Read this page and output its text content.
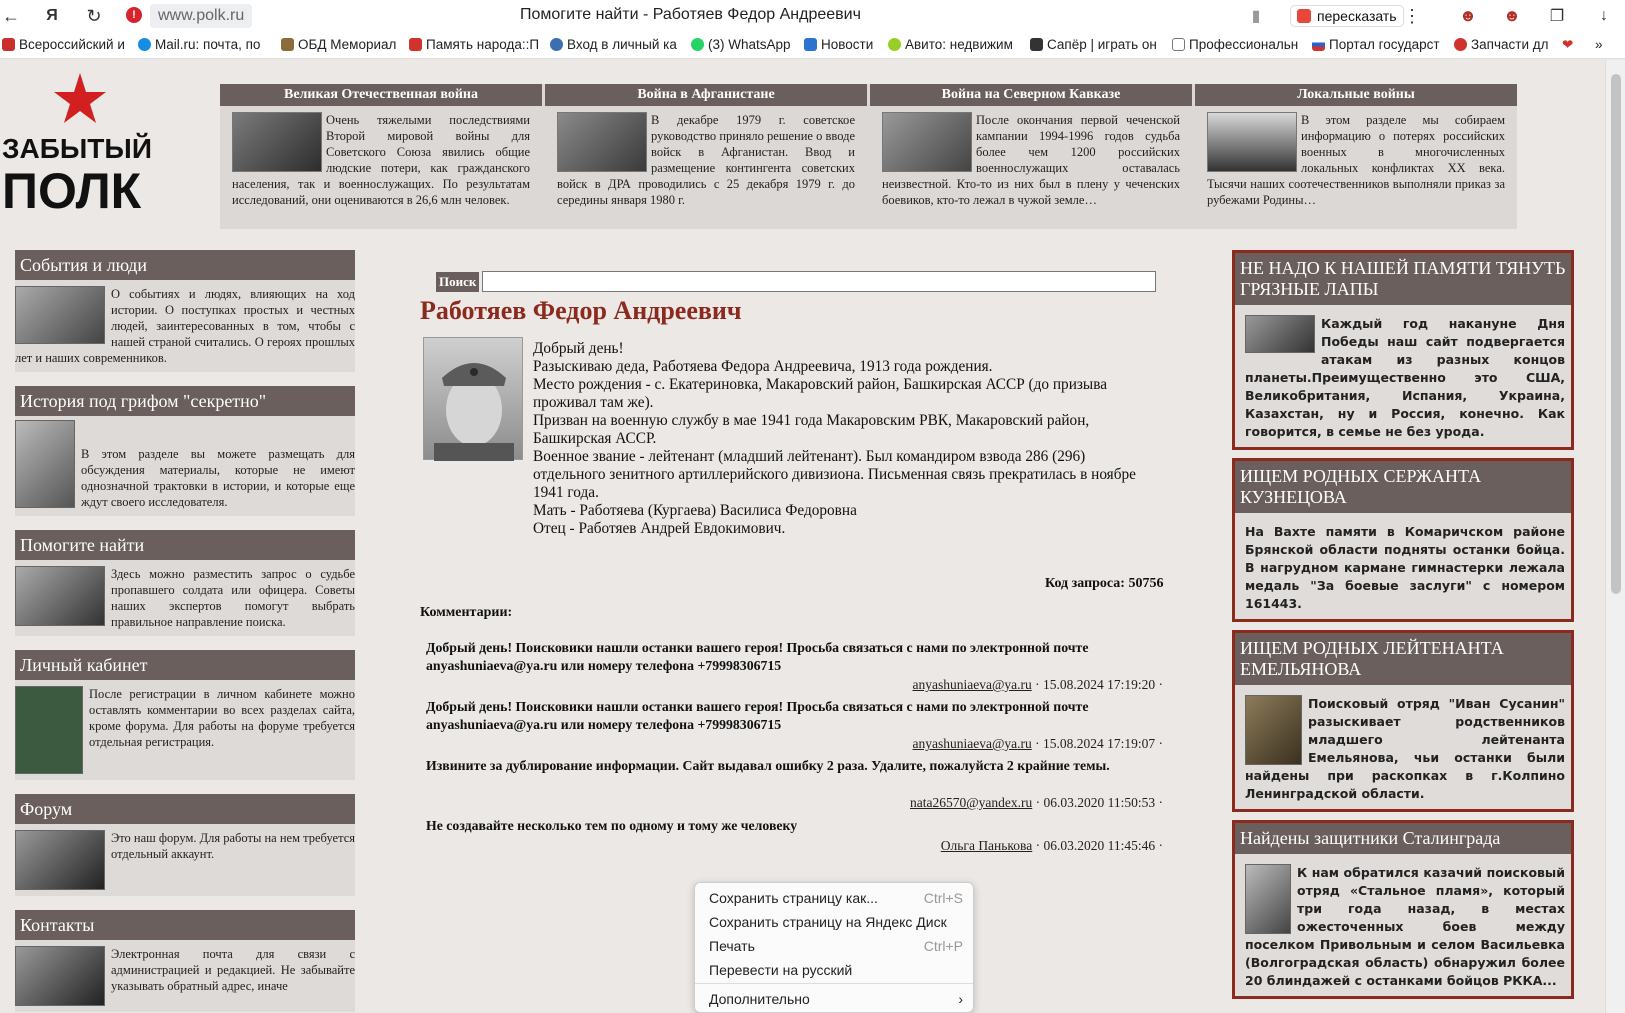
←	Я	↻	!	www.polk.ru	Помогите найти - Работяев Федор Андреевич	▮	пересказать ⋮ ☻ ☻	❐	↓
Всероссийский и Mail.ru: почта, по	ОБД Мемориал Память народа::П Вход в личный ка (3) WhatsApp Новости Авито: недвижим	Сапёр | играть он Профессиональн Портал государст Запчасти дл ❤ »
ЗАБЫТЫЙ
ПОЛК
Великая Отечественная война
Очень тяжелыми последствиями Второй мировой войны для Советского Союза явились общие людские потери, как гражданского населения, так и военнослужащих. По результатам исследований, они оцениваются в 26,6 млн человек.
Война в Афганистане
В декабре 1979 г. советское руководство приняло решение о вводе войск в Афганистан. Ввод и размещение контингента советских войск в ДРА проводились с 25 декабря 1979 г. до середины января 1980 г.
Война на Северном Кавказе
После окончания первой чеченской кампании 1994-1996 годов судьба более чем 1200 российских военнослужащих оставалась неизвестной. Кто-то из них был в плену у чеченских боевиков, кто-то лежал в чужой земле…
Локальные войны
В этом разделе мы собираем информацию о потерях российских военных в многочисленных локальных конфликтах XX века. Тысячи наших соотечественников выполняли приказ за рубежами Родины…
События и люди
О событиях и людях, влияющих на ход истории. О поступках простых и честных людей, заинтересованных в том, чтобы с нашей страной считались. О героях прошлых лет и наших современников.
История под грифом "секретно"
В этом разделе вы можете размещать для обсуждения материалы, которые не имеют однозначной трактовки в истории, и которые еще ждут своего исследователя.
Помогите найти
Здесь можно разместить запрос о судьбе пропавшего солдата или офицера. Советы наших экспертов помогут выбрать правильное направление поиска.
Личный кабинет
После регистрации в личном кабинете можно оставлять комментарии во всех разделах сайта, кроме форума. Для работы на форуме требуется отдельная регистрация.
Форум
Это наш форум. Для работы на нем требуется отдельный аккаунт.
Контакты
Электронная почта для связи с администрацией и редакцией. Не забывайте указывать обратный адрес, иначе
Поиск
Работяев Федор Андреевич
Добрый день!
Разыскиваю деда, Работяева Федора Андреевича, 1913 года рождения.
Место рождения - с. Екатериновка, Макаровский район, Башкирская АССР (до призыва проживал там же).
Призван на военную службу в мае 1941 года Макаровским РВК, Макаровский район, Башкирская АССР.
Военное звание - лейтенант (младший лейтенант). Был командиром взвода 286 (296) отдельного зенитного артиллерийского дивизиона. Письменная связь прекратилась в ноябре 1941 года.
Мать - Работяева (Кургаева) Василиса Федоровна
Отец - Работяев Андрей Евдокимович.
Код запроса: 50756
Комментарии:
Добрый день! Поисковики нашли останки вашего героя! Просьба связаться с нами по электронной почте anyashuniaeva@ya.ru или номеру телефона +79998306715
anyashuniaeva@ya.ru · 15.08.2024 17:19:20 ·
Добрый день! Поисковики нашли останки вашего героя! Просьба связаться с нами по электронной почте anyashuniaeva@ya.ru или номеру телефона +79998306715
anyashuniaeva@ya.ru · 15.08.2024 17:19:07 ·
Извините за дублирование информации. Сайт выдавал ошибку 2 раза. Удалите, пожалуйста 2 крайние темы.
nata26570@yandex.ru · 06.03.2020 11:50:53 ·
Не создавайте несколько тем по одному и тому же человеку
Ольга Панькова · 06.03.2020 11:45:46 ·
НЕ НАДО К НАШЕЙ ПАМЯТИ ТЯНУТЬ ГРЯЗНЫЕ ЛАПЫ
Каждый год накануне Дня Победы наш сайт подвергается атакам из разных концов планеты.Преимущественно это США, Великобритания, Испания, Украина, Казахстан, ну и Россия, конечно. Как говорится, в семье не без урода.
ИЩЕМ РОДНЫХ СЕРЖАНТА КУЗНЕЦОВА
На Вахте памяти в Комаричском районе Брянской области подняты останки бойца. В нагрудном кармане гимнастерки лежала медаль "За боевые заслуги" с номером 161443.
ИЩЕМ РОДНЫХ ЛЕЙТЕНАНТА ЕМЕЛЬЯНОВА
Поисковый отряд "Иван Сусанин" разыскивает родственников младшего лейтенанта Емельянова, чьи останки были найдены при раскопках в г.Колпино Ленинградской области.
Найдены защитники Сталинграда
К нам обратился казачий поисковый отряд «Стальное пламя», который три года назад, в местах ожесточенных боев между поселком Привольным и селом Васильевка (Волгоградская область) обнаружил более 20 блиндажей с останками бойцов РККА...
Сохранить страницу как...	Ctrl+S
Сохранить страницу на Яндекс Диск
Печать	Ctrl+P
Перевести на русский
Дополнительно	›
